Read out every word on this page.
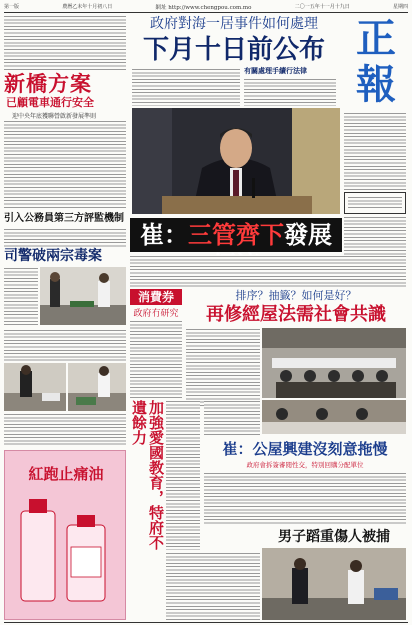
第一版	農曆乙未年十月初八日	網址 http://www.chengpou.com.mo	二〇一五年十一月十九日	星期四
新橋方案
已顧電車通行安全
迎中央年底獲聯營啟新發展準則
引入公務員第三方評監機制
司警破兩宗毒案
紅跑止痛油
政府對海一居事件如何處理
下月十日前公布
有關處理手續行法律
正
報
崔：三管齊下發展
消費券
政府冇研究
排序？抽籤？如何是好？
再修經屋法需社會共識
加強愛國教育，特府不遺餘力
崔：公屋興建沒刻意拖慢
政府會拆簽審閱性交，特別回購分配單位
男子蹈重傷人被捕
